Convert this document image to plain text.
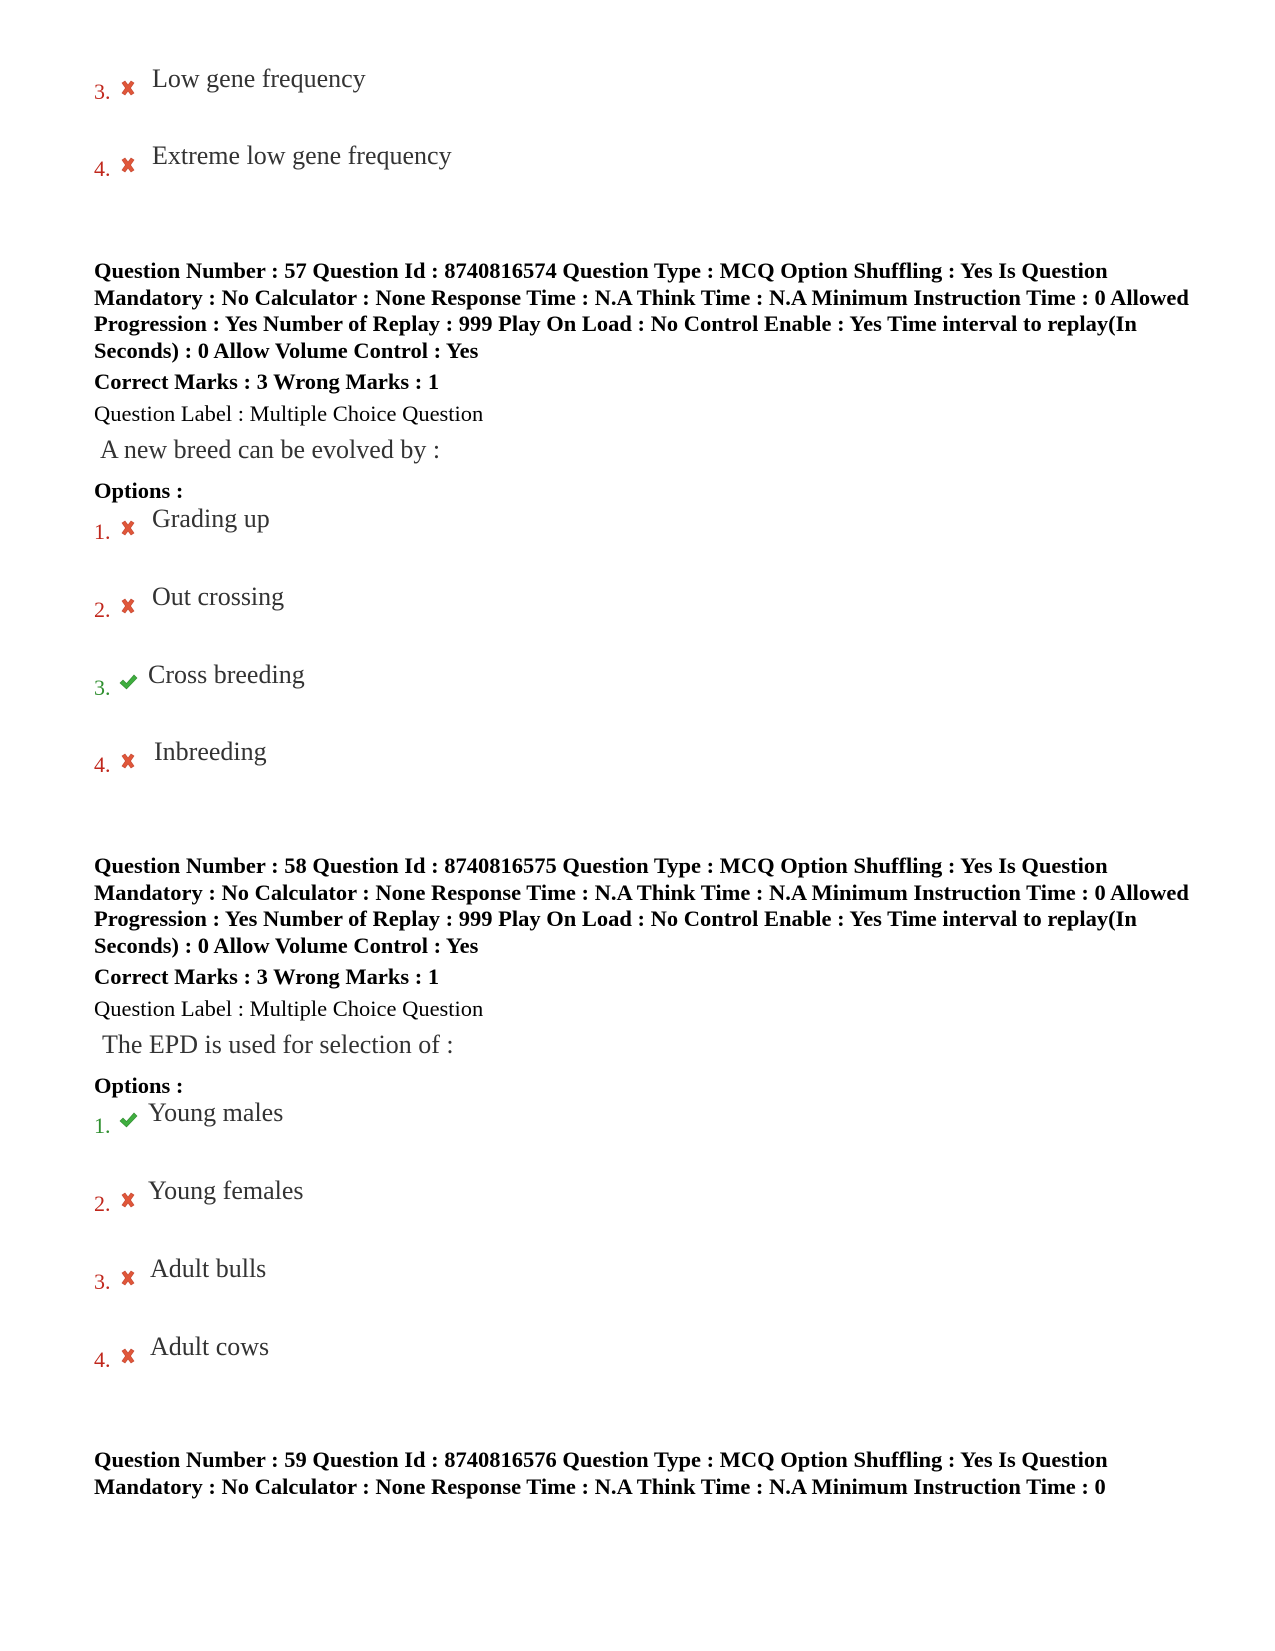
3. Low gene frequency
4. Extreme low gene frequency
Question Number : 57 Question Id : 8740816574 Question Type : MCQ Option Shuffling : Yes Is Question Mandatory : No Calculator : None Response Time : N.A Think Time : N.A Minimum Instruction Time : 0 Allowed Progression : Yes Number of Replay : 999 Play On Load : No Control Enable : Yes Time interval to replay(In Seconds) : 0 Allow Volume Control : Yes
Correct Marks : 3 Wrong Marks : 1
Question Label : Multiple Choice Question
A new breed can be evolved by :
Options :
1. Grading up
2. Out crossing
3. Cross breeding
4. Inbreeding
Question Number : 58 Question Id : 8740816575 Question Type : MCQ Option Shuffling : Yes Is Question Mandatory : No Calculator : None Response Time : N.A Think Time : N.A Minimum Instruction Time : 0 Allowed Progression : Yes Number of Replay : 999 Play On Load : No Control Enable : Yes Time interval to replay(In Seconds) : 0 Allow Volume Control : Yes
Correct Marks : 3 Wrong Marks : 1
Question Label : Multiple Choice Question
The EPD is used for selection of :
Options :
1. Young males
2. Young females
3. Adult bulls
4. Adult cows
Question Number : 59 Question Id : 8740816576 Question Type : MCQ Option Shuffling : Yes Is Question Mandatory : No Calculator : None Response Time : N.A Think Time : N.A Minimum Instruction Time : 0
